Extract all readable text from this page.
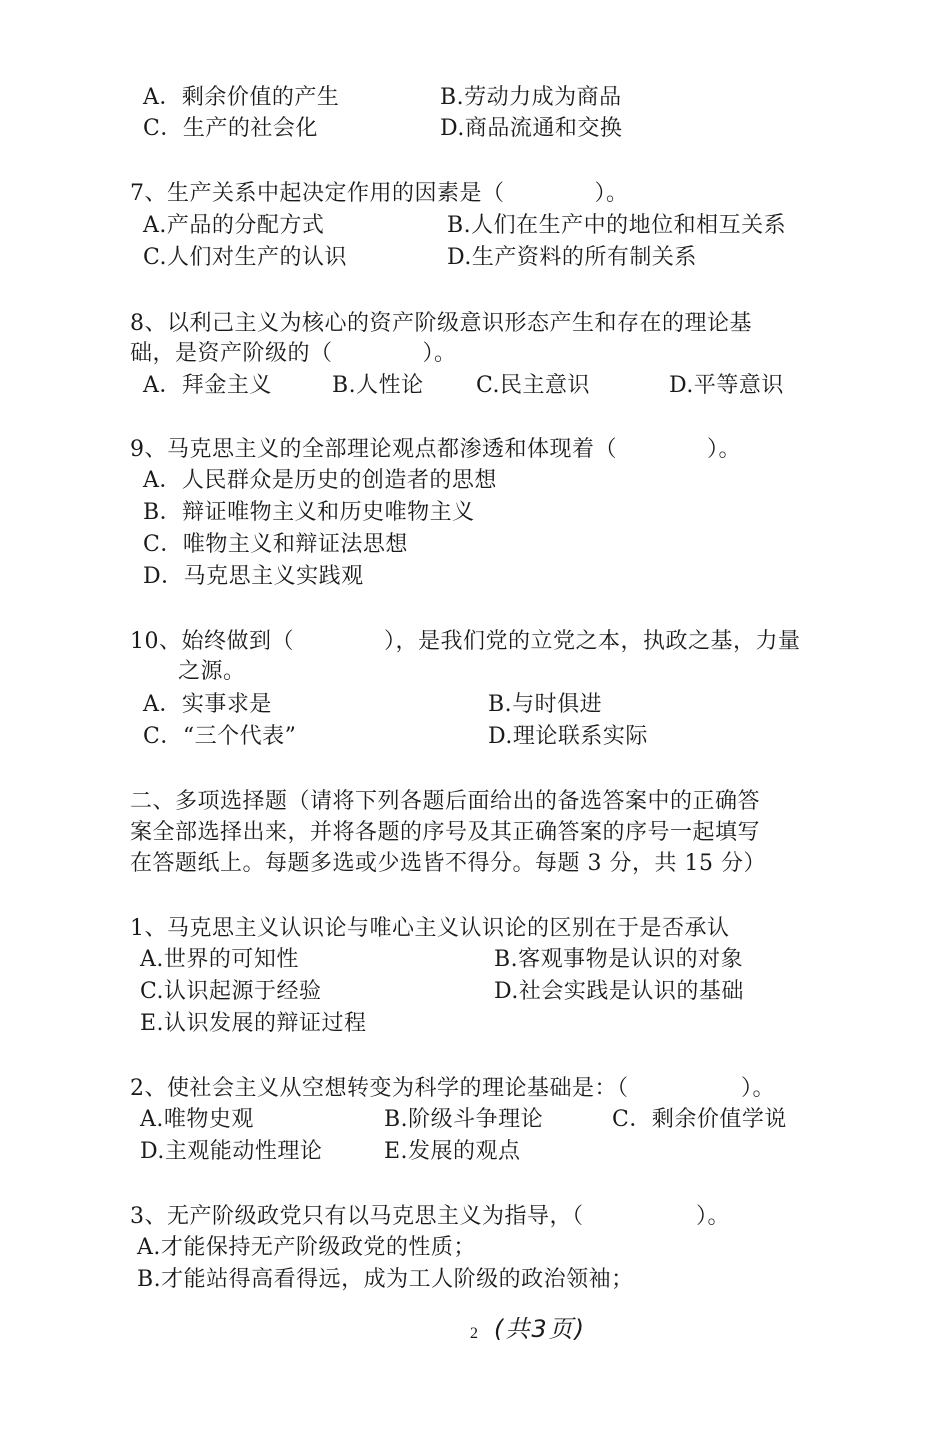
A．剩余价值的产生	B.劳动力成为商品
C．生产的社会化	D.商品流通和交换
7、生产关系中起决定作用的因素是（　　　　）。
A.产品的分配方式	B.人们在生产中的地位和相互关系
C.人们对生产的认识	D.生产资料的所有制关系
8、以利己主义为核心的资产阶级意识形态产生和存在的理论基
础，是资产阶级的（　　　　）。
A．拜金主义	B.人性论 C.民主意识	D.平等意识
9、马克思主义的全部理论观点都渗透和体现着（　　　　）。
A．人民群众是历史的创造者的思想
B．辩证唯物主义和历史唯物主义
C．唯物主义和辩证法思想
D．马克思主义实践观
10、始终做到（　　　　），是我们党的立党之本，执政之基，力量
之源。
A．实事求是	B.与时俱进
C．“三个代表”	D.理论联系实际
二、多项选择题（请将下列各题后面给出的备选答案中的正确答
案全部选择出来，并将各题的序号及其正确答案的序号一起填写
在答题纸上。每题多选或少选皆不得分。每题 3 分，共 15 分）
1、马克思主义认识论与唯心主义认识论的区别在于是否承认
A.世界的可知性	B.客观事物是认识的对象
C.认识起源于经验	D.社会实践是认识的基础
E.认识发展的辩证过程
2、使社会主义从空想转变为科学的理论基础是：（　　　　　）。
A.唯物史观	B.阶级斗争理论	C．剩余价值学说
D.主观能动性理论	E.发展的观点
3、无产阶级政党只有以马克思主义为指导，（　　　　　）。
A.才能保持无产阶级政党的性质；
B.才能站得高看得远，成为工人阶级的政治领袖；
2 (共3页)
